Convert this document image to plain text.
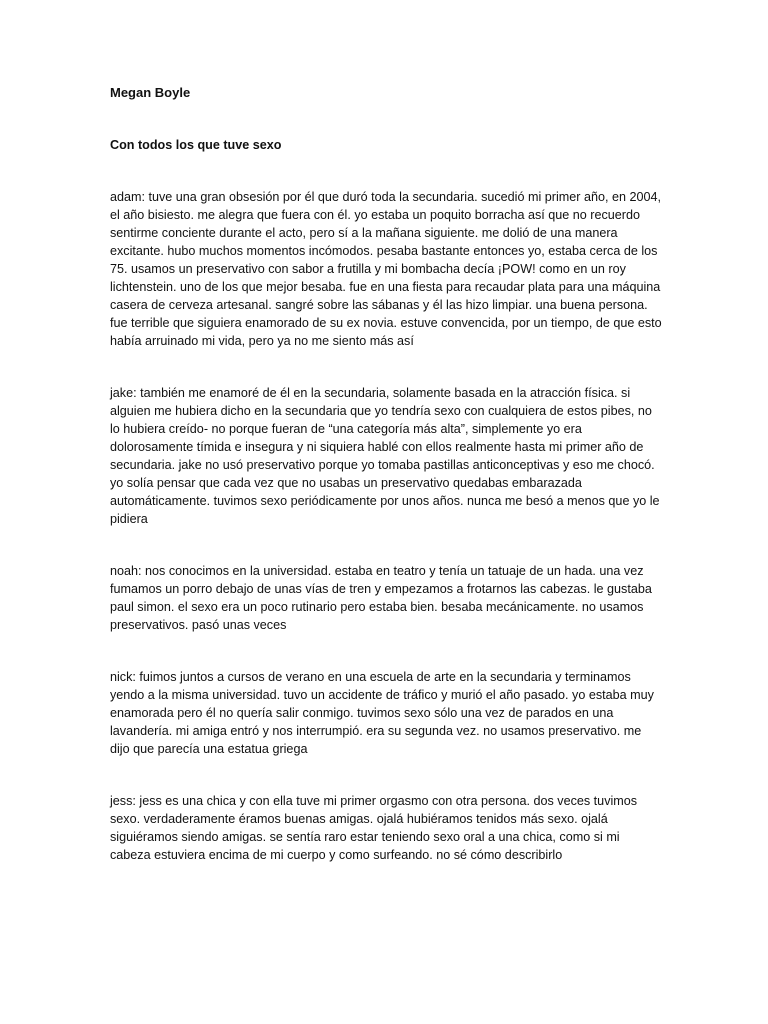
Megan Boyle

Con todos los que tuve sexo

adam: tuve una gran obsesión por él que duró toda la secundaria. sucedió mi primer año, en 2004, el año bisiesto. me alegra que fuera con él. yo estaba un poquito borracha así que no recuerdo sentirme conciente durante el acto, pero sí a la mañana siguiente. me dolió de una manera excitante. hubo muchos momentos incómodos. pesaba bastante entonces yo, estaba cerca de los 75. usamos un preservativo con sabor a frutilla y mi bombacha decía ¡POW! como en un roy lichtenstein. uno de los que mejor besaba. fue en una fiesta para recaudar plata para una máquina casera de cerveza artesanal. sangré sobre las sábanas y él las hizo limpiar. una buena persona. fue terrible que siguiera enamorado de su ex novia. estuve convencida, por un tiempo, de que esto había arruinado mi vida, pero ya no me siento más así

jake: también me enamoré de él en la secundaria, solamente basada en la atracción física. si alguien me hubiera dicho en la secundaria que yo tendría sexo con cualquiera de estos pibes, no lo hubiera creído- no porque fueran de “una categoría más alta”, simplemente yo era dolorosamente tímida e insegura y ni siquiera hablé con ellos realmente hasta mi primer año de secundaria. jake no usó preservativo porque yo tomaba pastillas anticonceptivas y eso me chocó. yo solía pensar que cada vez que no usabas un preservativo quedabas embarazada automáticamente. tuvimos sexo periódicamente por unos años. nunca me besó a menos que yo le pidiera

noah: nos conocimos en la universidad. estaba en teatro y tenía un tatuaje de un hada. una vez fumamos un porro debajo de unas vías de tren y empezamos a frotarnos las cabezas. le gustaba paul simon. el sexo era un poco rutinario pero estaba bien. besaba mecánicamente. no usamos preservativos. pasó unas veces

nick: fuimos juntos a cursos de verano en una escuela de arte en la secundaria y terminamos yendo a la misma universidad. tuvo un accidente de tráfico y murió el año pasado. yo estaba muy enamorada pero él no quería salir conmigo. tuvimos sexo sólo una vez de parados en una lavandería. mi amiga entró y nos interrumpió. era su segunda vez. no usamos preservativo. me dijo que parecía una estatua griega

jess: jess es una chica y con ella tuve mi primer orgasmo con otra persona. dos veces tuvimos sexo. verdaderamente éramos buenas amigas. ojalá hubiéramos tenidos más sexo. ojalá siguiéramos siendo amigas. se sentía raro estar teniendo sexo oral a una chica, como si mi cabeza estuviera encima de mi cuerpo y como surfeando. no sé cómo describirlo
